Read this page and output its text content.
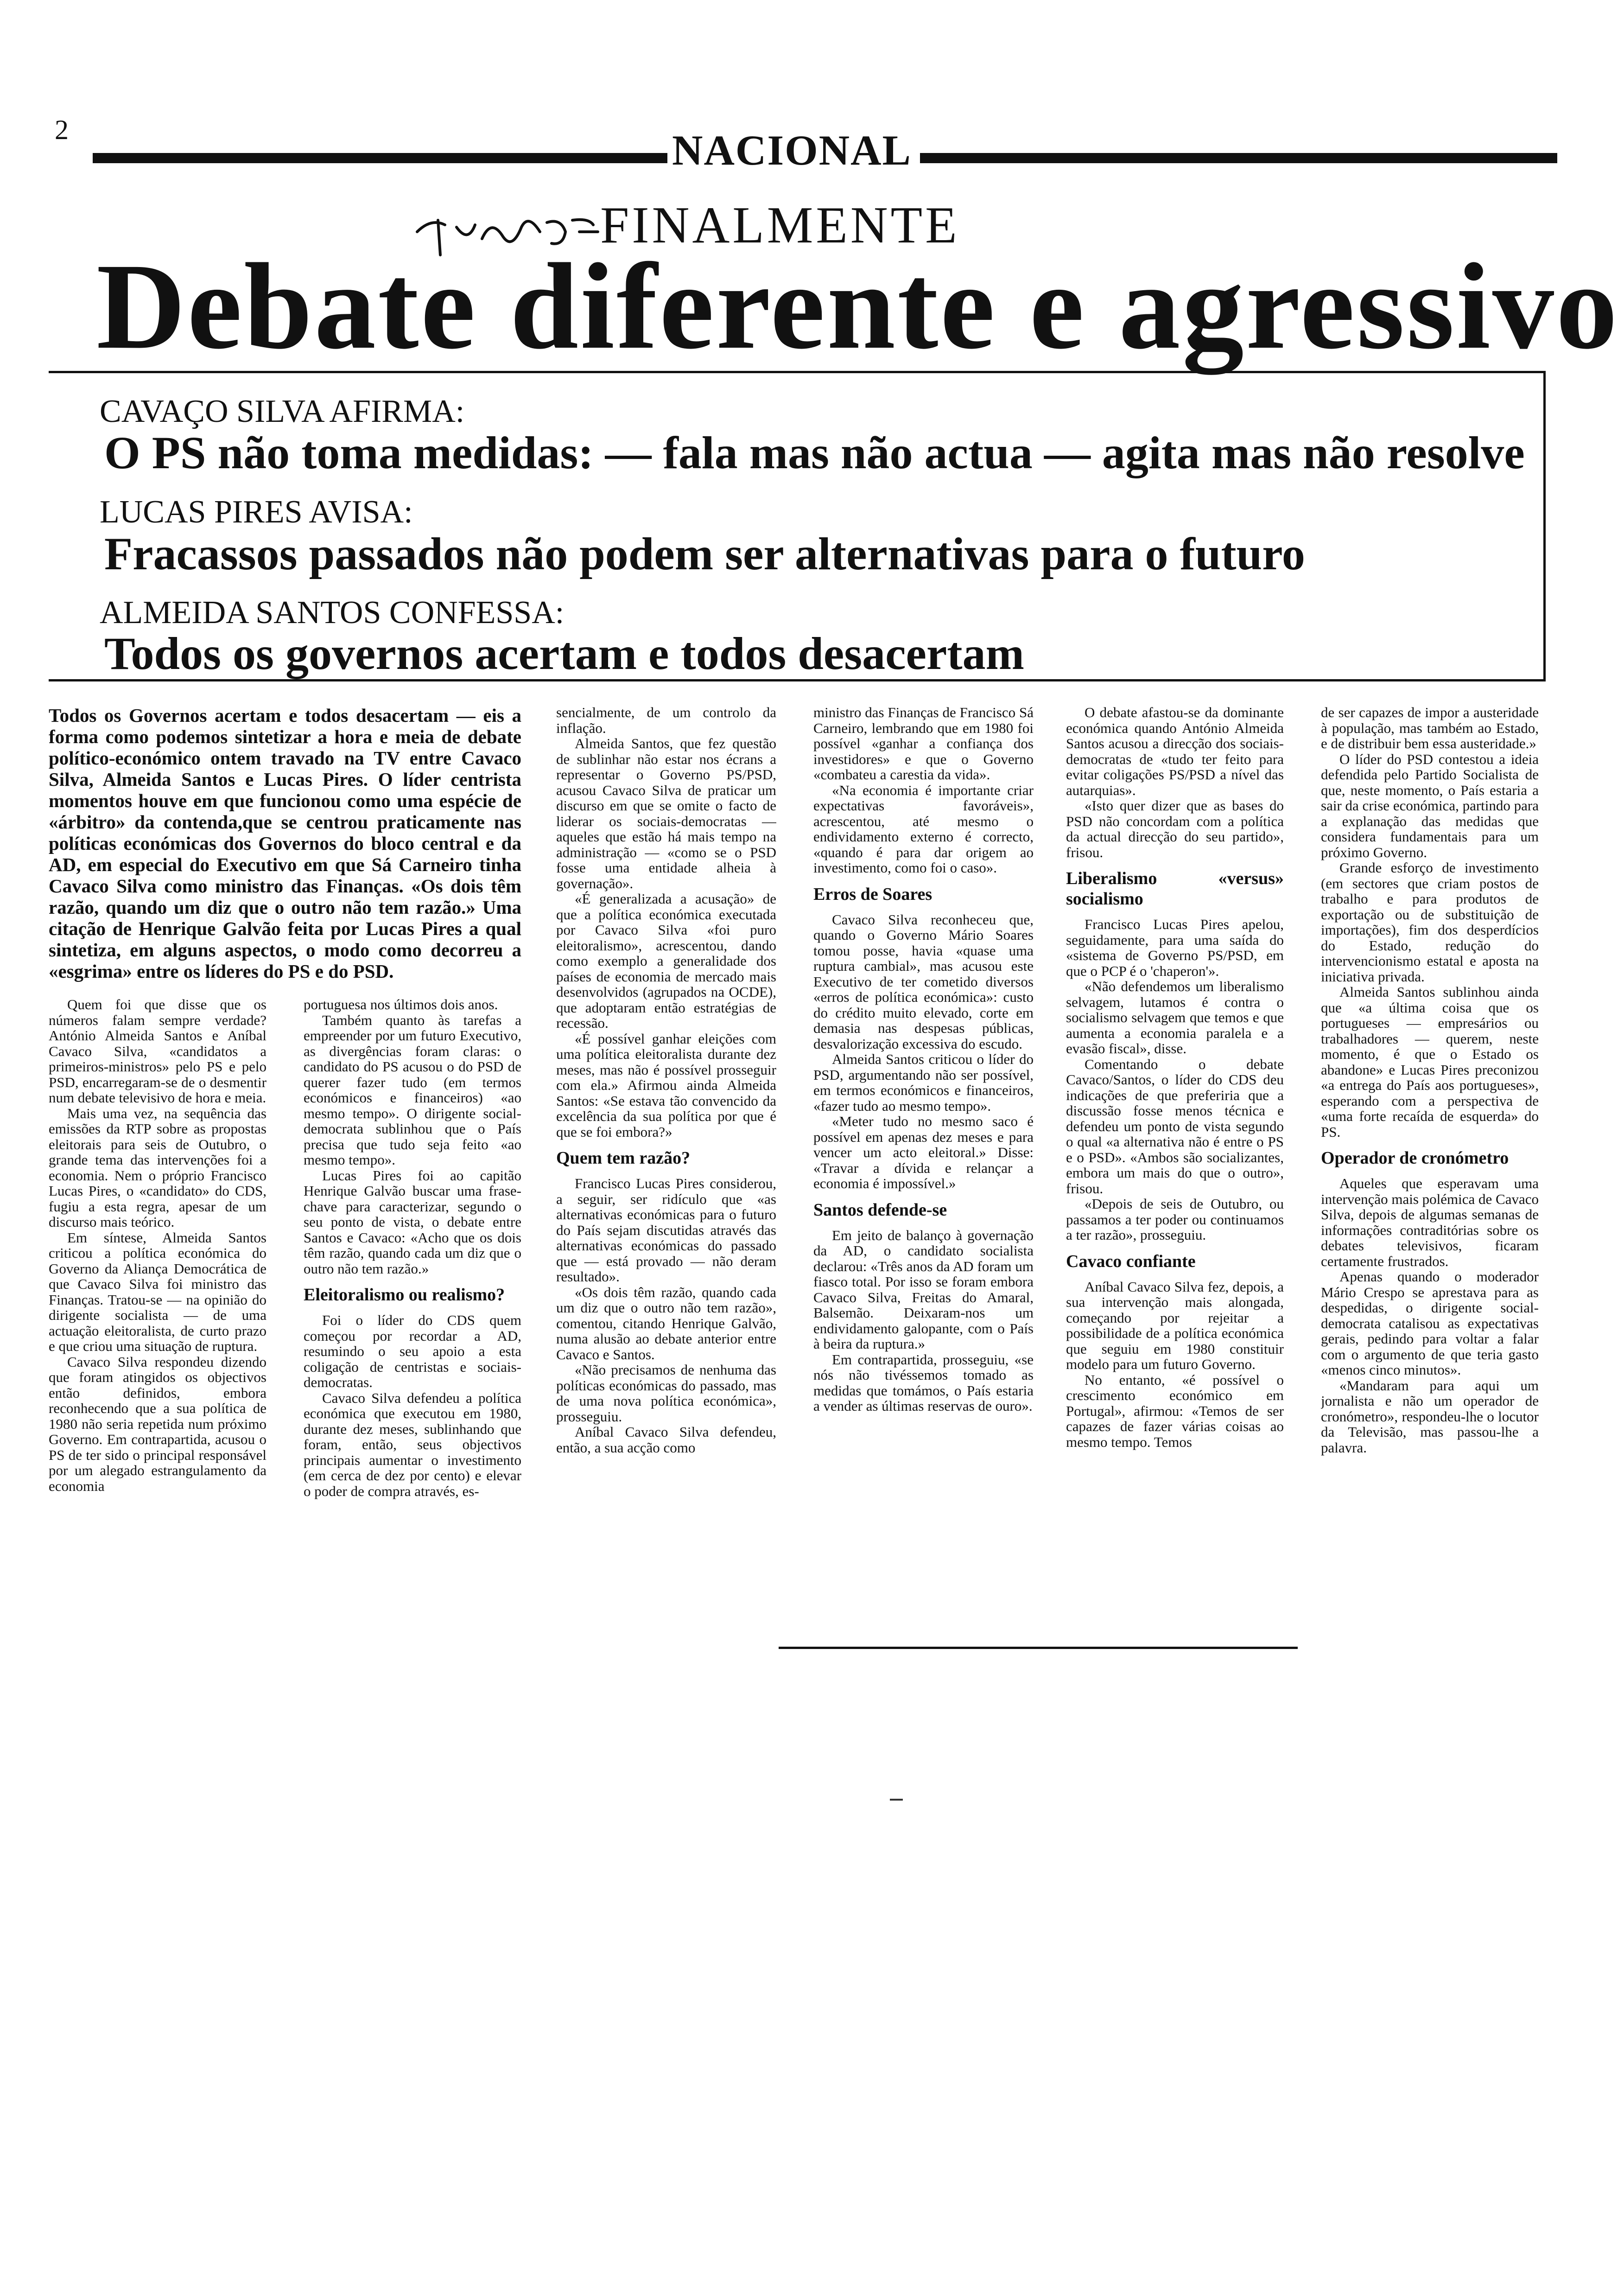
2	NACIONAL
FINALMENTE
Debate diferente e agressivo
CAVAÇO SILVA AFIRMA:
O PS não toma medidas: — fala mas não actua — agita mas não resolve
LUCAS PIRES AVISA:
Fracassos passados não podem ser alternativas para o futuro
ALMEIDA SANTOS CONFESSA:
Todos os governos acertam e todos desacertam
Todos os Governos acertam e todos desacertam — eis a forma como podemos sintetizar a hora e meia de debate político-económico ontem travado na TV entre Cavaco Silva, Almeida Santos e Lucas Pires. O líder centrista momentos houve em que funcionou como uma espécie de «árbitro» da contenda,que se centrou praticamente nas políticas económicas dos Governos do bloco central e da AD, em especial do Executivo em que Sá Carneiro tinha Cavaco Silva como ministro das Finanças. «Os dois têm razão, quando um diz que o outro não tem razão.» Uma citação de Henrique Galvão feita por Lucas Pires a qual sintetiza, em alguns aspectos, o modo como decorreu a «esgrima» entre os líderes do PS e do PSD.

Quem foi que disse que os números falam sempre verdade? António Almeida Santos e Aníbal Cavaco Silva, «candidatos a primeiros-ministros» pelo PS e pelo PSD, encarregaram-se de o desmentir num debate televisivo de hora e meia.

Mais uma vez, na sequência das emissões da RTP sobre as propostas eleitorais para seis de Outubro, o grande tema das intervenções foi a economia. Nem o próprio Francisco Lucas Pires, o «candidato» do CDS, fugiu a esta regra, apesar de um discurso mais teórico.

Em síntese, Almeida Santos criticou a política económica do Governo da Aliança Democrática de que Cavaco Silva foi ministro das Finanças. Tratou-se — na opinião do dirigente socialista — de uma actuação eleitoralista, de curto prazo e que criou uma situação de ruptura.

Cavaco Silva respondeu dizendo que foram atingidos os objectivos então definidos, embora reconhecendo que a sua política de 1980 não seria repetida num próximo Governo. Em contrapartida, acusou o PS de ter sido o principal responsável por um alegado estrangulamento da economia

portuguesa nos últimos dois anos.

Também quanto às tarefas a empreender por um futuro Executivo, as divergências foram claras: o candidato do PS acusou o do PSD de querer fazer tudo (em termos económicos e financeiros) «ao mesmo tempo». O dirigente social-democrata sublinhou que o País precisa que tudo seja feito «ao mesmo tempo».

Lucas Pires foi ao capitão Henrique Galvão buscar uma frase-chave para caracterizar, segundo o seu ponto de vista, o debate entre Santos e Cavaco: «Acho que os dois têm razão, quando cada um diz que o outro não tem razão.»

Eleitoralismo ou realismo?

Foi o líder do CDS quem começou por recordar a AD, resumindo o seu apoio a esta coligação de centristas e sociais-democratas.

Cavaco Silva defendeu a política económica que executou em 1980, durante dez meses, sublinhando que foram, então, seus objectivos principais aumentar o investimento (em cerca de dez por cento) e elevar o poder de compra através, es-

sencialmente, de um controlo da inflação.

Almeida Santos, que fez questão de sublinhar não estar nos écrans a representar o Governo PS/PSD, acusou Cavaco Silva de praticar um discurso em que se omite o facto de liderar os sociais-democratas — aqueles que estão há mais tempo na administração — «como se o PSD fosse uma entidade alheia à governação».

«É generalizada a acusação» de que a política económica executada por Cavaco Silva «foi puro eleitoralismo», acrescentou, dando como exemplo a generalidade dos países de economia de mercado mais desenvolvidos (agrupados na OCDE), que adoptaram então estratégias de recessão.

«É possível ganhar eleições com uma política eleitoralista durante dez meses, mas não é possível prosseguir com ela.» Afirmou ainda Almeida Santos: «Se estava tão convencido da excelência da sua política por que é que se foi embora?»

Quem tem razão?

Francisco Lucas Pires considerou, a seguir, ser ridículo que «as alternativas económicas para o futuro do País sejam discutidas através das alternativas económicas do passado que — está provado — não deram resultado».

«Os dois têm razão, quando cada um diz que o outro não tem razão», comentou, citando Henrique Galvão, numa alusão ao debate anterior entre Cavaco e Santos.

«Não precisamos de nenhuma das políticas económicas do passado, mas de uma nova política económica», prosseguiu.

Aníbal Cavaco Silva defendeu, então, a sua acção como

ministro das Finanças de Francisco Sá Carneiro, lembrando que em 1980 foi possível «ganhar a confiança dos investidores» e que o Governo «combateu a carestia da vida».

«Na economia é importante criar expectativas favoráveis», acrescentou, até mesmo o endividamento externo é correcto, «quando é para dar origem ao investimento, como foi o caso».

Erros de Soares

Cavaco Silva reconheceu que, quando o Governo Mário Soares tomou posse, havia «quase uma ruptura cambial», mas acusou este Executivo de ter cometido diversos «erros de política económica»: custo do crédito muito elevado, corte em demasia nas despesas públicas, desvalorização excessiva do escudo.

Almeida Santos criticou o líder do PSD, argumentando não ser possível, em termos económicos e financeiros, «fazer tudo ao mesmo tempo».

«Meter tudo no mesmo saco é possível em apenas dez meses e para vencer um acto eleitoral.» Disse: «Travar a dívida e relançar a economia é impossível.»

Santos defende-se

Em jeito de balanço à governação da AD, o candidato socialista declarou: «Três anos da AD foram um fiasco total. Por isso se foram embora Cavaco Silva, Freitas do Amaral, Balsemão. Deixaram-nos um endividamento galopante, com o País à beira da ruptura.»

Em contrapartida, prosseguiu, «se nós não tivéssemos tomado as medidas que tomámos, o País estaria a vender as últimas reservas de ouro».

O debate afastou-se da dominante económica quando António Almeida Santos acusou a direcção dos sociais-democratas de «tudo ter feito para evitar coligações PS/PSD a nível das autarquias».

«Isto quer dizer que as bases do PSD não concordam com a política da actual direcção do seu partido», frisou.

Liberalismo «versus» socialismo

Francisco Lucas Pires apelou, seguidamente, para uma saída do «sistema de Governo PS/PSD, em que o PCP é o 'chaperon'».

«Não defendemos um liberalismo selvagem, lutamos é contra o socialismo selvagem que temos e que aumenta a economia paralela e a evasão fiscal», disse.

Comentando o debate Cavaco/Santos, o líder do CDS deu indicações de que preferiria que a discussão fosse menos técnica e defendeu um ponto de vista segundo o qual «a alternativa não é entre o PS e o PSD». «Ambos são socializantes, embora um mais do que o outro», frisou.

«Depois de seis de Outubro, ou passamos a ter poder ou continuamos a ter razão», prosseguiu.

Cavaco confiante

Aníbal Cavaco Silva fez, depois, a sua intervenção mais alongada, começando por rejeitar a possibilidade de a política económica que seguiu em 1980 constituir modelo para um futuro Governo.

No entanto, «é possível o crescimento económico em Portugal», afirmou: «Temos de ser capazes de fazer várias coisas ao mesmo tempo. Temos

de ser capazes de impor a austeridade à população, mas também ao Estado, e de distribuir bem essa austeridade.»

O líder do PSD contestou a ideia defendida pelo Partido Socialista de que, neste momento, o País estaria a sair da crise económica, partindo para a explanação das medidas que considera fundamentais para um próximo Governo.

Grande esforço de investimento (em sectores que criam postos de trabalho e para produtos de exportação ou de substituição de importações), fim dos desperdícios do Estado, redução do intervencionismo estatal e aposta na iniciativa privada.

Almeida Santos sublinhou ainda que «a última coisa que os portugueses — empresários ou trabalhadores — querem, neste momento, é que o Estado os abandone» e Lucas Pires preconizou «a entrega do País aos portugueses», esperando com a perspectiva de «uma forte recaída de esquerda» do PS.

Operador de cronómetro

Aqueles que esperavam uma intervenção mais polémica de Cavaco Silva, depois de algumas semanas de informações contraditórias sobre os debates televisivos, ficaram certamente frustrados.

Apenas quando o moderador Mário Crespo se aprestava para as despedidas, o dirigente social-democrata catalisou as expectativas gerais, pedindo para voltar a falar com o argumento de que teria gasto «menos cinco minutos».

«Mandaram para aqui um jornalista e não um operador de cronómetro», respondeu-lhe o locutor da Televisão, mas passou-lhe a palavra.
